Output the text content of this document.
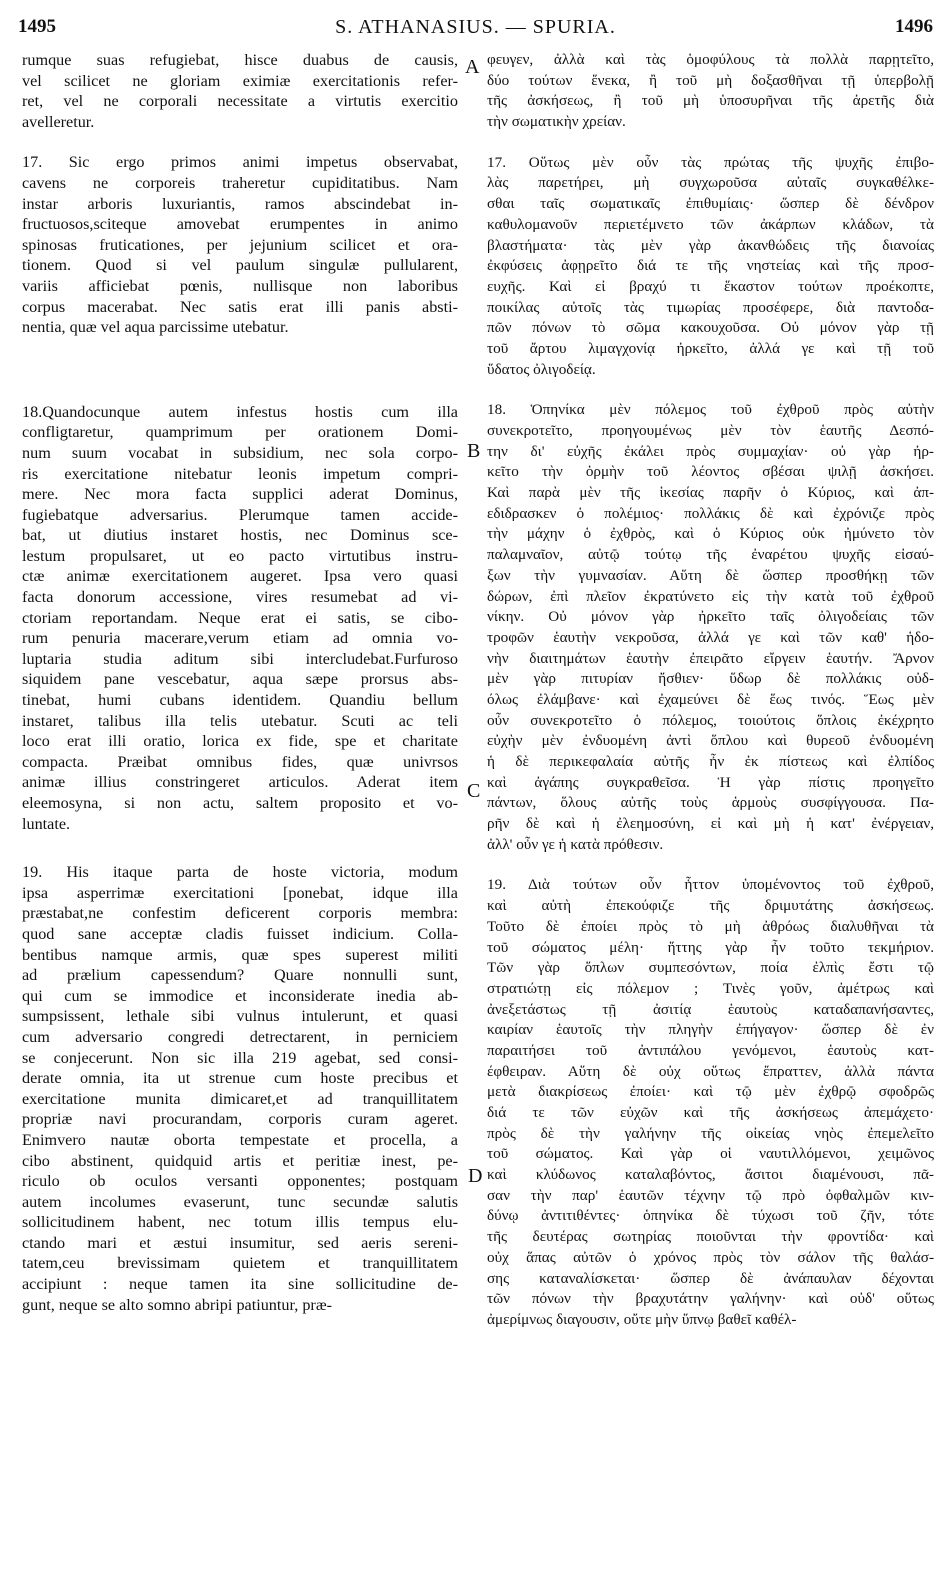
1495	S. ATHANASIUS. — SPURIA.	1496
A
B
C
D
rumque suas refugiebat, hisce duabus de causis,
vel scilicet ne gloriam eximiæ exercitationis refer-
ret, vel ne corporali necessitate a virtutis exercitio
avelleretur.
17. Sic ergo primos animi impetus observabat,
cavens ne corporeis traheretur cupiditatibus. Nam
instar arboris luxuriantis, ramos abscindebat in-
fructuosos,sciteque amovebat erumpentes in animo
spinosas fruticationes, per jejunium scilicet et ora-
tionem. Quod si vel paulum singulæ pullularent,
variis afficiebat pœnis, nullisque non laboribus
corpus macerabat. Nec satis erat illi panis absti-
nentia, quæ vel aqua parcissime utebatur.
18.Quandocunque autem infestus hostis cum illa
confligtaretur, quamprimum per orationem Domi-
num suum vocabat in subsidium, nec sola corpo-
ris exercitatione nitebatur leonis impetum compri-
mere. Nec mora facta supplici aderat Dominus,
fugiebatque adversarius. Plerumque tamen accide-
bat, ut diutius instaret hostis, nec Dominus sce-
lestum propulsaret, ut eo pacto virtutibus instru-
ctæ animæ exercitationem augeret. Ipsa vero quasi
facta donorum accessione, vires resumebat ad vi-
ctoriam reportandam. Neque erat ei satis, se cibo-
rum penuria macerare,verum etiam ad omnia vo-
luptaria studia aditum sibi intercludebat.Furfuroso
siquidem pane vescebatur, aqua sæpe prorsus abs-
tinebat, humi cubans identidem. Quandiu bellum
instaret, talibus illa telis utebatur. Scuti ac teli
loco erat illi oratio, lorica ex fide, spe et charitate
compacta. Præibat omnibus fides, quæ univrsos
animæ illius constringeret articulos. Aderat item
eleemosyna, si non actu, saltem proposito et vo-
luntate.
19. His itaque parta de hoste victoria, modum
ipsa asperrimæ exercitationi [ponebat, idque illa
præstabat,ne confestim deficerent corporis membra:
quod sane acceptæ cladis fuisset indicium. Colla-
bentibus namque armis, quæ spes superest militi
ad prælium capessendum? Quare nonnulli sunt,
qui cum se immodice et inconsiderate inedia ab-
sumpsissent, lethale sibi vulnus intulerunt, et quasi
cum adversario congredi detrectarent, in perniciem
se conjecerunt. Non sic illa 219 agebat, sed consi-
derate omnia, ita ut strenue cum hoste precibus et
exercitatione munita dimicaret,et ad tranquillitatem
propriæ navi procurandam, corporis curam ageret.
Enimvero nautæ oborta tempestate et procella, a
cibo abstinent, quidquid artis et peritiæ inest, pe-
riculo ob oculos versanti opponentes; postquam
autem incolumes evaserunt, tunc secundæ salutis
sollicitudinem habent, nec totum illis tempus elu-
ctando mari et æstui insumitur, sed aeris sereni-
tatem,ceu brevissimam quietem et tranquillitatem
accipiunt : neque tamen ita sine sollicitudine de-
gunt, neque se alto somno abripi patiuntur, præ-
φευγεν, ἀλλὰ καὶ τὰς ὁμοφύλους τὰ πολλὰ παρῃτεῖτο,
δύο τούτων ἕνεκα, ἢ τοῦ μὴ δοξασθῆναι τῇ ὑπερβολῇ
τῆς ἀσκήσεως, ἢ τοῦ μὴ ὑποσυρῆναι τῆς ἀρετῆς διὰ
τὴν σωματικὴν χρείαν.
17. Οὕτως μὲν οὖν τὰς πρώτας τῆς ψυχῆς ἐπιβο-
λὰς παρετήρει, μὴ συγχωροῦσα αὐταῖς συγκαθέλκε-
σθαι ταῖς σωματικαῖς ἐπιθυμίαις· ὥσπερ δὲ δένδρον
καθυλομανοῦν περιετέμνετο τῶν ἀκάρπων κλάδων, τὰ
βλαστήματα· τὰς μὲν γὰρ ἀκανθώδεις τῆς διανοίας
ἐκφύσεις ἀφῃρεῖτο διά τε τῆς νηστείας καὶ τῆς προσ-
ευχῆς. Καὶ εἰ βραχύ τι ἕκαστον τούτων προέκοπτε,
ποικίλας αὐτοῖς τὰς τιμωρίας προσέφερε, διὰ παντοδα-
πῶν πόνων τὸ σῶμα κακουχοῦσα. Οὐ μόνον γὰρ τῇ
τοῦ ἄρτου λιμαγχονίᾳ ἠρκεῖτο, ἀλλά γε καὶ τῇ τοῦ
ὕδατος ὀλιγοδείᾳ.
18. Ὁπηνίκα μὲν πόλεμος τοῦ ἐχθροῦ πρὸς αὐτὴν
συνεκροτεῖτο, προηγουμένως μὲν τὸν ἑαυτῆς Δεσπό-
την δι' εὐχῆς ἐκάλει πρὸς συμμαχίαν· οὐ γὰρ ἠρ-
κεῖτο τὴν ὁρμὴν τοῦ λέοντος σβέσαι ψιλῇ ἀσκήσει.
Καὶ παρὰ μὲν τῆς ἱκεσίας παρῆν ὁ Κύριος, καὶ ἀπ-
εδιδρασκεν ὁ πολέμιος· πολλάκις δὲ καὶ ἐχρόνιζε πρὸς
τὴν μάχην ὁ ἐχθρὸς, καὶ ὁ Κύριος οὐκ ἠμύνετο τὸν
παλαμναῖον, αὐτῷ τούτῳ τῆς ἐναρέτου ψυχῆς εἰσαύ-
ξων τὴν γυμνασίαν. Αὕτη δὲ ὥσπερ προσθήκῃ τῶν
δώρων, ἐπὶ πλεῖον ἐκρατύνετο εἰς τὴν κατὰ τοῦ ἐχθροῦ
νίκην. Οὐ μόνον γὰρ ἠρκεῖτο ταῖς ὀλιγοδείαις τῶν
τροφῶν ἑαυτὴν νεκροῦσα, ἀλλά γε καὶ τῶν καθ' ἡδο-
νὴν διαιτημάτων ἑαυτὴν ἐπειρᾶτο εἴργειν ἑαυτήν. Ἄρνον
μὲν γὰρ πιτυρίαν ἤσθιεν· ὕδωρ δὲ πολλάκις οὐδ-
όλως ἐλάμβανε· καὶ ἐχαμεύνει δὲ ἕως τινός. Ἕως μὲν
οὖν συνεκροτεῖτο ὁ πόλεμος, τοιούτοις ὅπλοις ἐκέχρητο
εὐχὴν μὲν ἐνδυομένη ἀντὶ ὅπλου καὶ θυρεοῦ ἐνδυομένη
ἡ δὲ περικεφαλαία αὐτῆς ἦν ἐκ πίστεως καὶ ἐλπίδος
καὶ ἀγάπης συγκραθεῖσα. Ἡ γὰρ πίστις προηγεῖτο
πάντων, ὅλους αὐτῆς τοὺς ἁρμοὺς συσφίγγουσα. Πα-
ρῆν δὲ καὶ ἡ ἐλεημοσύνη, εἰ καὶ μὴ ἡ κατ' ἐνέργειαν,
ἀλλ' οὖν γε ἡ κατὰ πρόθεσιν.
19. Διὰ τούτων οὖν ἧττον ὑπομένοντος τοῦ ἐχθροῦ,
καὶ αὐτὴ ἐπεκούφιζε τῆς δριμυτάτης ἀσκήσεως.
Τοῦτο δὲ ἐποίει πρὸς τὸ μὴ ἀθρόως διαλυθῆναι τὰ
τοῦ σώματος μέλη· ἥττης γὰρ ἦν τοῦτο τεκμήριον.
Τῶν γὰρ ὅπλων συμπεσόντων, ποία ἐλπὶς ἔστι τῷ
στρατιώτῃ εἰς πόλεμον ; Τινὲς γοῦν, ἀμέτρως καὶ
ἀνεξετάστως τῇ ἀσιτίᾳ ἑαυτοὺς καταδαπανήσαντες,
καιρίαν ἑαυτοῖς τὴν πληγὴν ἐπήγαγον· ὥσπερ δὲ ἐν
παραιτήσει τοῦ ἀντιπάλου γενόμενοι, ἑαυτοὺς κατ-
έφθειραν. Αὕτη δὲ οὐχ οὕτως ἔπραττεν, ἀλλὰ πάντα
μετὰ διακρίσεως ἐποίει· καὶ τῷ μὲν ἐχθρῷ σφοδρῶς
διά τε τῶν εὐχῶν καὶ τῆς ἀσκήσεως ἀπεμάχετο·
πρὸς δὲ τὴν γαλήνην τῆς οἰκείας νηὸς ἐπεμελεῖτο
τοῦ σώματος. Καὶ γὰρ οἱ ναυτιλλόμενοι, χειμῶνος
καὶ κλύδωνος καταλαβόντος, ἄσιτοι διαμένουσι, πᾶ-
σαν τὴν παρ' ἑαυτῶν τέχνην τῷ πρὸ ὀφθαλμῶν κιν-
δύνῳ ἀντιτιθέντες· ὁπηνίκα δὲ τύχωσι τοῦ ζῆν, τότε
τῆς δευτέρας σωτηρίας ποιοῦνται τὴν φροντίδα· καὶ
οὐχ ἅπας αὐτῶν ὁ χρόνος πρὸς τὸν σάλον τῆς θαλάσ-
σης καταναλίσκεται· ὥσπερ δὲ ἀνάπαυλαν δέχονται
τῶν πόνων τὴν βραχυτάτην γαλήνην· καὶ οὐδ' οὕτως
ἀμερίμνως διαγουσιν, οὔτε μὴν ὕπνῳ βαθεῖ καθέλ-
